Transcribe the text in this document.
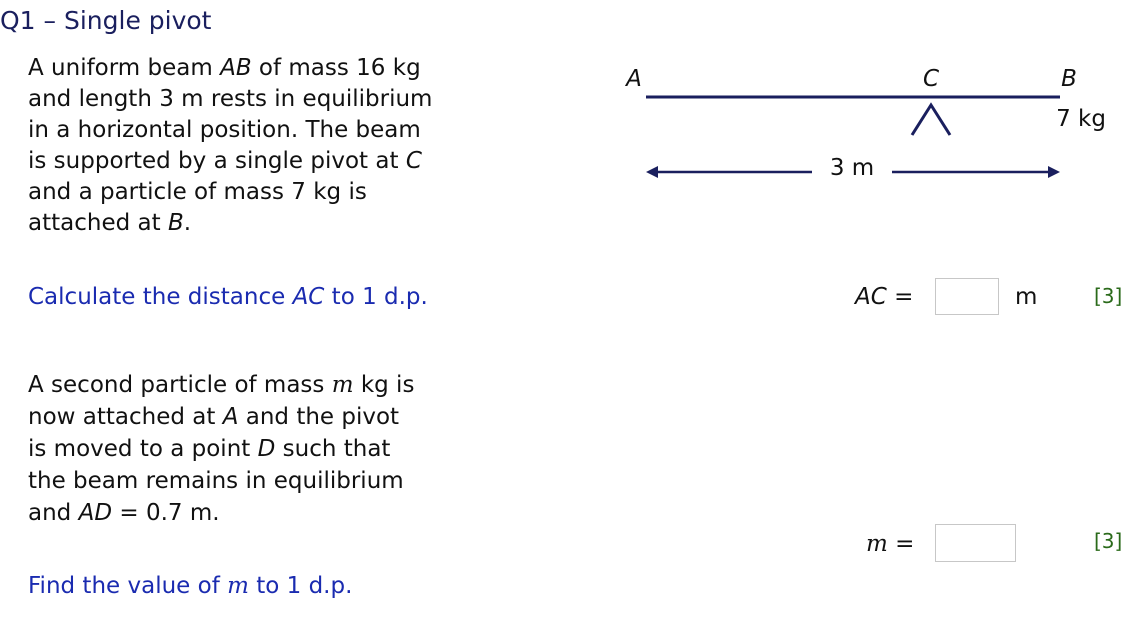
Q1 – Single pivot
A uniform beam AB of mass 16 kg
and length 3 m rests in equilibrium
in a horizontal position. The beam
is supported by a single pivot at C
and a particle of mass 7 kg is
attached at B.
Calculate the distance AC to 1 d.p.	AC =	m	[3]
A second particle of mass m kg is
now attached at A and the pivot
is moved to a point D such that
the beam remains in equilibrium
and AD = 0.7 m.
m =	[3]
Find the value of m to 1 d.p.
A	C	B
7 kg
3 m
